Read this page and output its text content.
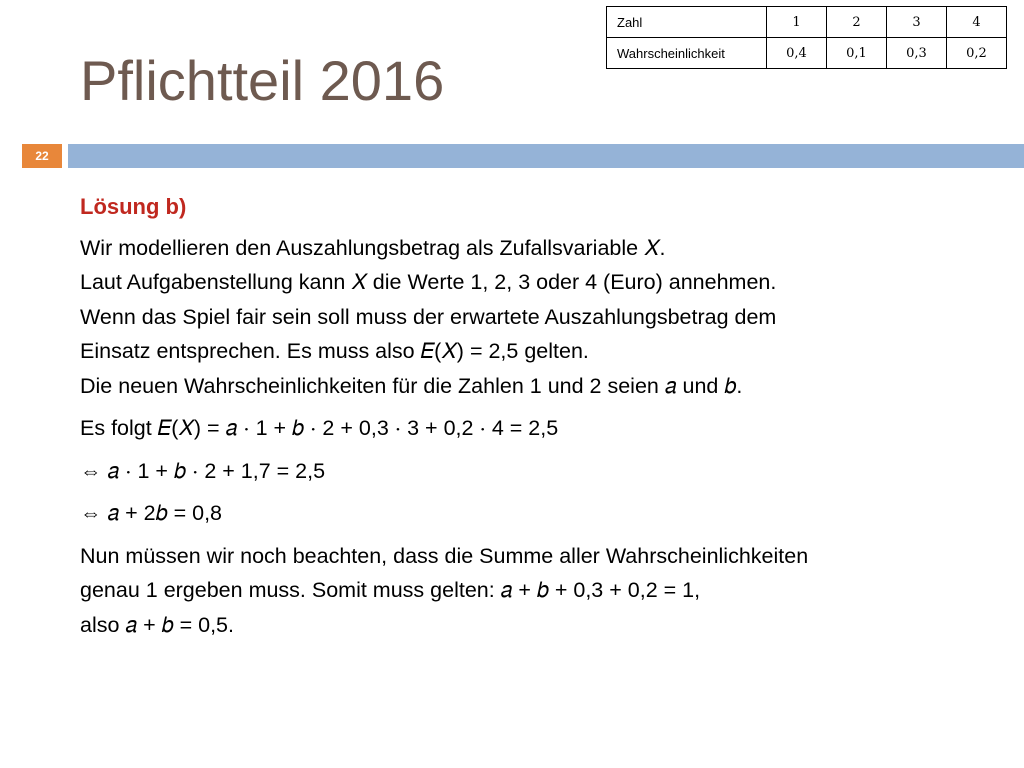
Pflichtteil 2016
Zahl	1	2	3	4
Wahrscheinlichkeit	0,4	0,1	0,3	0,2
22
Lösung b)

Wir modellieren den Auszahlungsbetrag als Zufallsvariable 𝑋.

Laut Aufgabenstellung kann 𝑋 die Werte 1, 2, 3 oder 4 (Euro) annehmen.

Wenn das Spiel fair sein soll muss der erwartete Auszahlungsbetrag dem

Einsatz entsprechen. Es muss also 𝐸(𝑋) = 2,5 gelten.

Die neuen Wahrscheinlichkeiten für die Zahlen 1 und 2 seien 𝑎 und 𝑏.

Es folgt 𝐸(𝑋) = 𝑎 ⋅ 1 + 𝑏 ⋅ 2 + 0,3 ⋅ 3 + 0,2 ⋅ 4 = 2,5

⇔ 𝑎 ⋅ 1 + 𝑏 ⋅ 2 + 1,7 = 2,5

⇔ 𝑎 + 2𝑏 = 0,8

Nun müssen wir noch beachten, dass die Summe aller Wahrscheinlichkeiten

genau 1 ergeben muss. Somit muss gelten: 𝑎 + 𝑏 + 0,3 + 0,2 = 1,

also 𝑎 + 𝑏 = 0,5.
